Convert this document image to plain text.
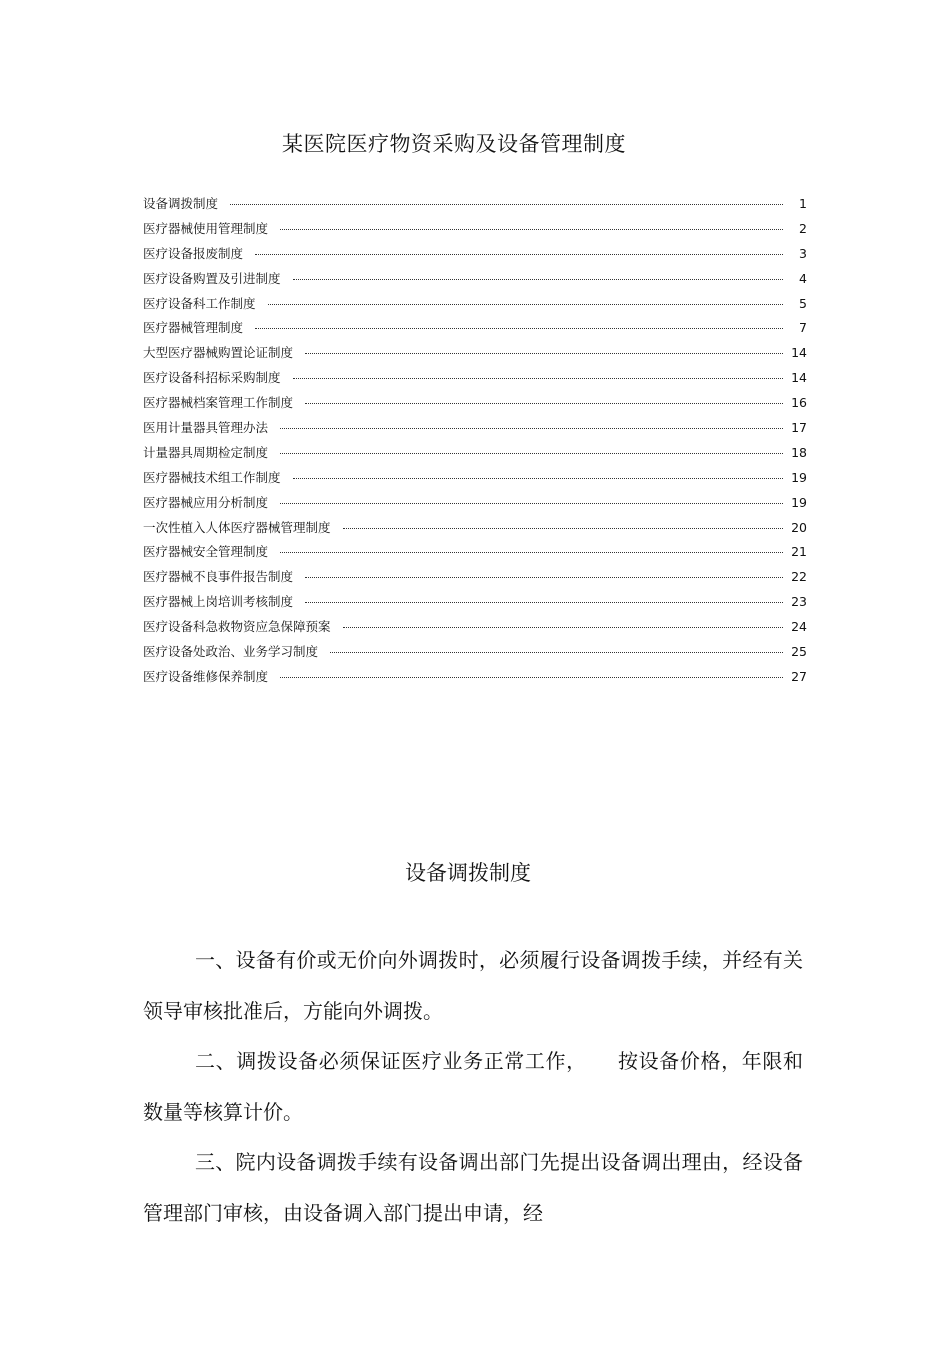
某医院医疗物资采购及设备管理制度
设备调拨制度	1
医疗器械使用管理制度	2
医疗设备报废制度	3
医疗设备购置及引进制度	4
医疗设备科工作制度	5
医疗器械管理制度	7
大型医疗器械购置论证制度	14
医疗设备科招标采购制度	14
医疗器械档案管理工作制度	16
医用计量器具管理办法	17
计量器具周期检定制度	18
医疗器械技术组工作制度	19
医疗器械应用分析制度	19
一次性植入人体医疗器械管理制度	20
医疗器械安全管理制度	21
医疗器械不良事件报告制度	22
医疗器械上岗培训考核制度	23
医疗设备科急救物资应急保障预案	24
医疗设备处政治、业务学习制度	25
医疗设备维修保养制度	27
设备调拨制度

一、设备有价或无价向外调拨时，必须履行设备调拨手续，并经有关领导审核批准后，方能向外调拨。

二、调拨设备必须保证医疗业务正常工作，　　按设备价格，年限和数量等核算计价。

三、院内设备调拨手续有设备调出部门先提出设备调出理由，经设备管理部门审核，由设备调入部门提出申请，经
